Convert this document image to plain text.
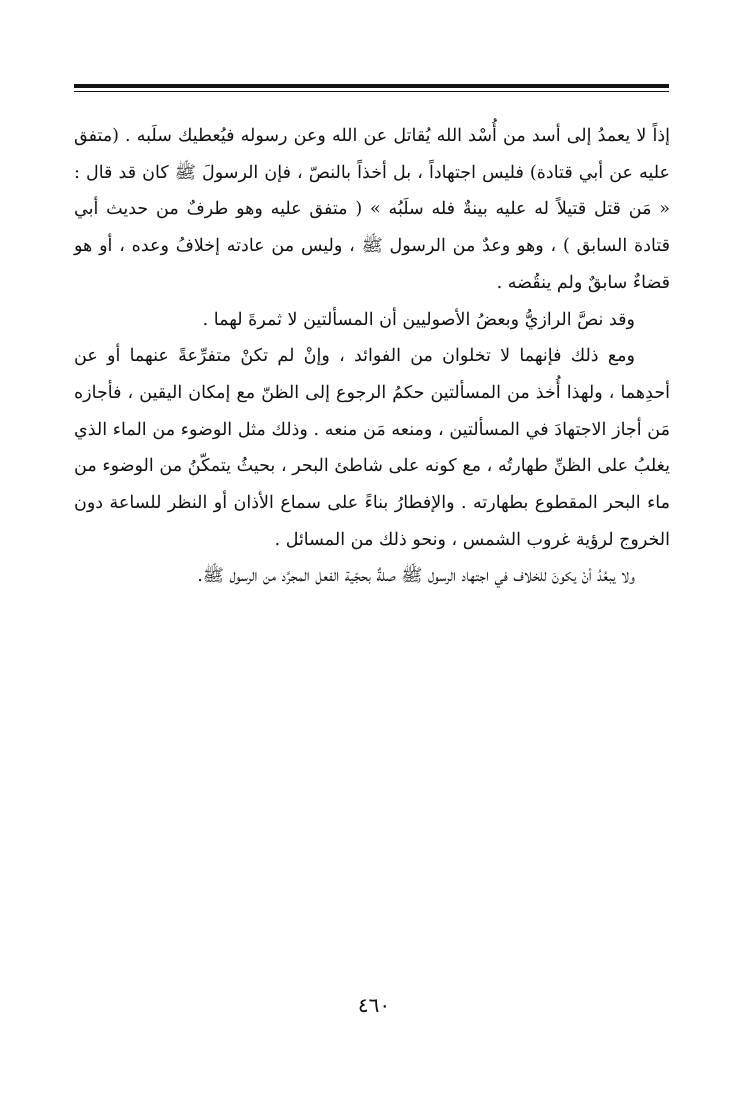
إذاً لا يعمدُ إلى أسد من أُسْد الله يُقاتل عن الله وعن رسوله فيُعطيك سلَبه . (متفق عليه عن أبي قتادة) فليس اجتهاداً ، بل أخذاً بالنصّ ، فإن الرسولَ ﷺ كان قد قال : « مَن قتل قتيلاً له عليه بينةٌ فله سلَبُه » ( متفق عليه وهو طرفٌ من حديث أبي قتادة السابق ) ، وهو وعدٌ من الرسول ﷺ ، وليس من عادته إخلافُ وعده ، أو هو قضاءٌ سابقٌ ولم ينقُضه .

وقد نصَّ الرازيُّ وبعضُ الأصوليين أن المسألتين لا ثمرةَ لهما .

ومع ذلك فإنهما لا تخلوان من الفوائد ، وإنْ لم تكنْ متفرِّعةً عنهما أو عن أحدِهما ، ولهذا أُخذ من المسألتين حكمُ الرجوع إلى الظنّ مع إمكان اليقين ، فأجازه مَن أجاز الاجتهادَ في المسألتين ، ومنعه مَن منعه . وذلك مثل الوضوء من الماء الذي يغلبُ على الظنِّ طهارتُه ، مع كونه على شاطئ البحر ، بحيثُ يتمكّنُ من الوضوء من ماء البحر المقطوع بطهارته . والإفطارُ بناءً على سماع الأذان أو النظر للساعة دون الخروج لرؤية غروب الشمس ، ونحو ذلك من المسائل .

ولا يبعُدُ أنْ يكونَ للخلاف في اجتهاد الرسول ﷺ صلةٌ بحجّية الفعل المجرَّد من الرسول ﷺ.

٤٦٠
